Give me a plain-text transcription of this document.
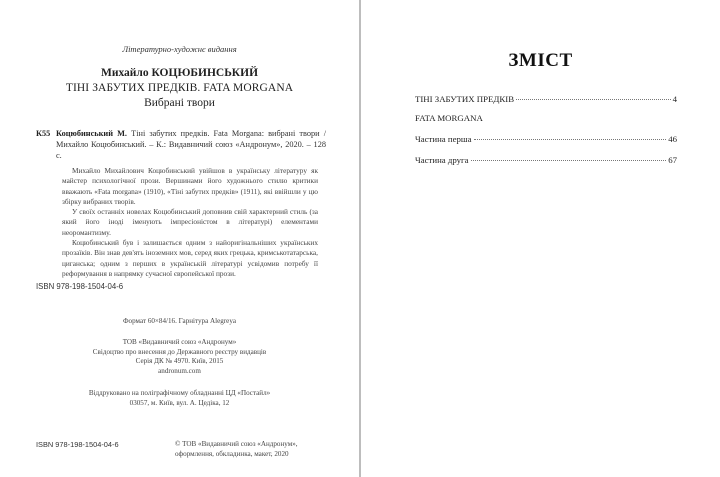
Літературно-художнє видання
Михайло КОЦЮБИНСЬКИЙ
ТІНІ ЗАБУТИХ ПРЕДКІВ. FATA MORGANA
Вибрані твори
К55 Коцюбинський М. Тіні забутих предків. Fata Morgana: вибрані твори / Михайло Коцюбинський. – К.: Видавничий союз «Андронум», 2020. – 128 с.

Михайло Михайлович Коцюбинський увійшов в українську літературу як майстер психологічної прози. Вершинами його художнього стилю критики вважають «Fata morgana» (1910), «Тіні забутих предків» (1911), які ввійшли у цю збірку вибраних творів.

У своїх останніх новелах Коцюбинський доповнив свій характерний стиль (за який його іноді іменують імпресіоністом в літературі) елементами неоромантизму.

Коцюбинський був і залишається одним з найоригінальніших українських прозаїків. Він знав дев'ять іноземних мов, серед яких грецька, кримськотатарська, циганська; одним з перших в українській літературі усвідомив потребу її реформування в напрямку сучасної європейської прози.

ISBN 978-198-1504-04-6
Формат 60×84/16. Гарнітура Alegreya
ТОВ «Видавничий союз «Андронум»
Свідоцтво про внесення до Державного реєстру видавців
Серія ДК № 4970. Київ, 2015
andronum.com
Віддруковано на поліграфічному обладнанні ЦД «Постайл»
03057, м. Київ, вул. А. Цедіка, 12
ISBN 978-198-1504-04-6	© ТОВ «Видавничий союз «Андронум»,
оформлення, обкладинка, макет, 2020
ЗМІСТ
ТІНІ ЗАБУТИХ ПРЕДКІВ	4
FATA MORGANA
Частина перша	46
Частина друга	67
